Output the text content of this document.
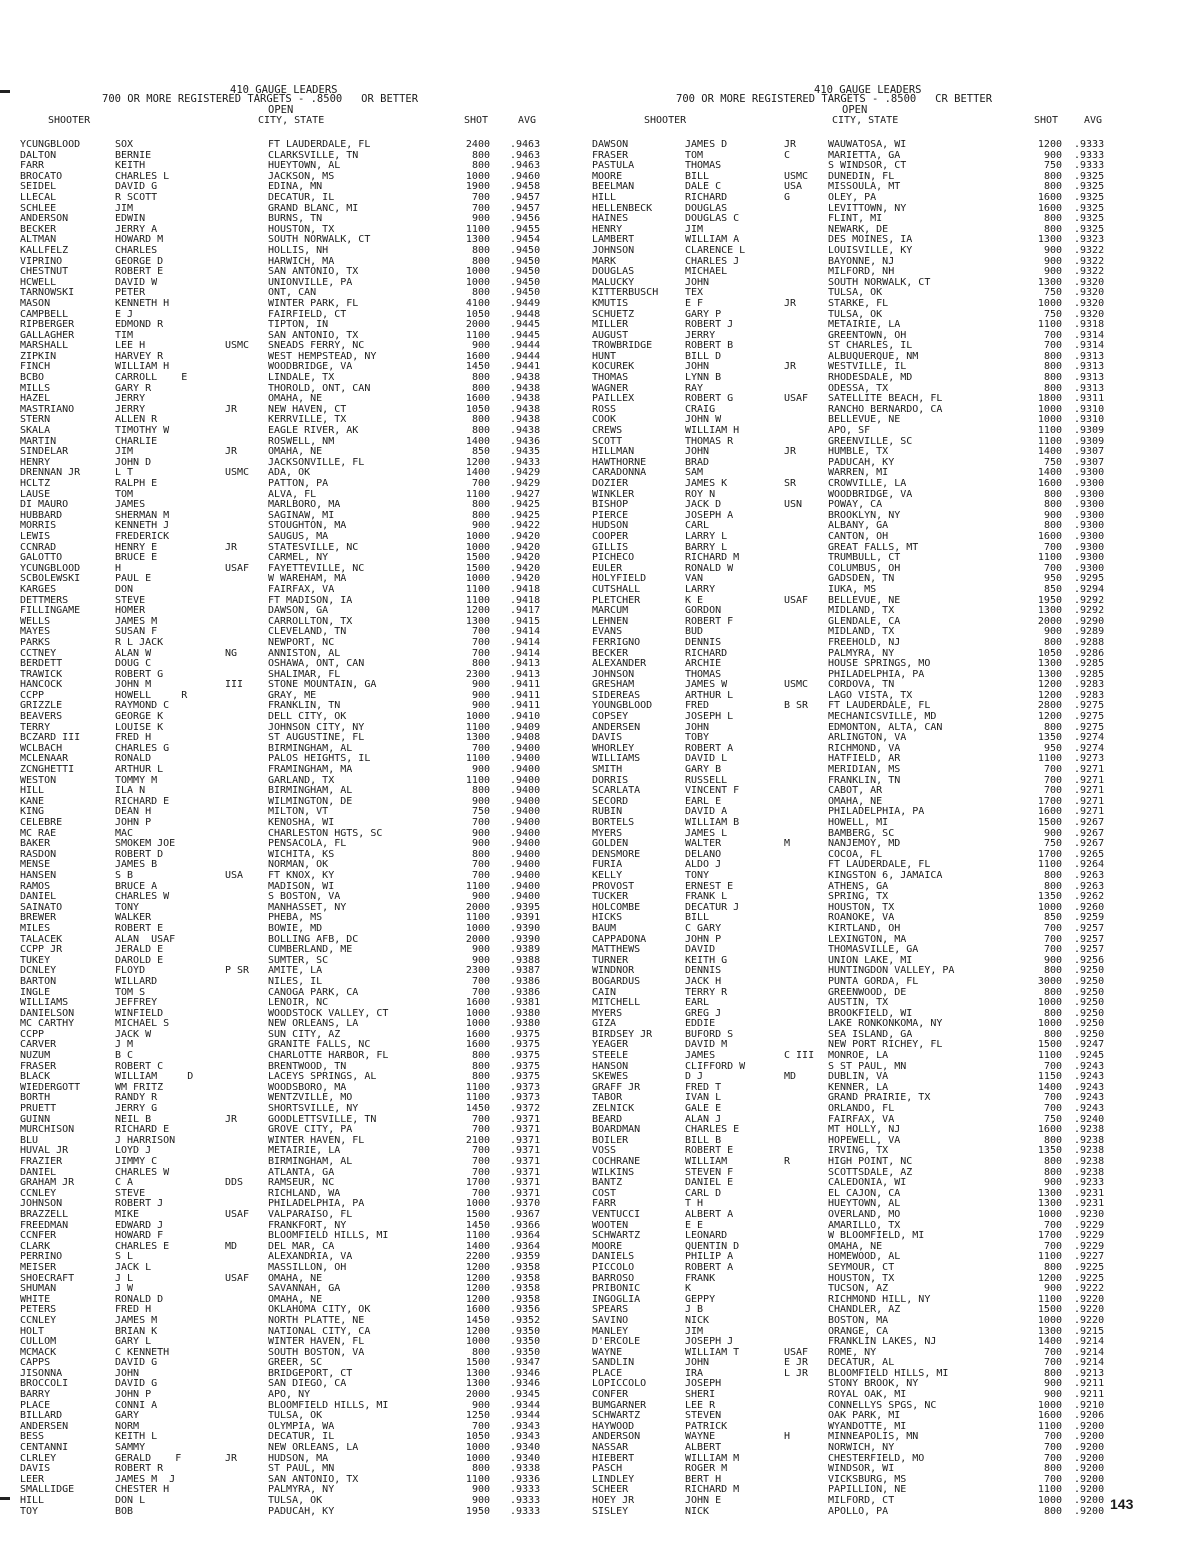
410 GAUGE LEADERS
700 OR MORE REGISTERED TARGETS - .8500   OR BETTER
OPEN
SHOOTER	CITY, STATE	SHOT	AVG
YCUNGBLOOD	SOX	FT LAUDERDALE, FL	2400 .9463
DALTON	BERNIE	CLARKSVILLE, TN	800 .9463
FARR	KEITH	HUEYTOWN, AL	800 .9463
BROCATO	CHARLES L	JACKSON, MS	1000 .9460
SEIDEL	DAVID G	EDINA, MN	1900 .9458
LLECAL	R SCOTT	DECATUR, IL	700 .9457
SCHLEE	JIM	GRAND BLANC, MI	700 .9457
ANDERSON	EDWIN	BURNS, TN	900 .9456
BECKER	JERRY A	HOUSTON, TX	1100 .9455
ALTMAN	HOWARD M	SOUTH NORWALK, CT	1300 .9454
KALLFELZ	CHARLES	HOLLIS, NH	800 .9450
VIPRINO	GEORGE D	HARWICH, MA	800 .9450
CHESTNUT	ROBERT E	SAN ANTONIO, TX	1000 .9450
HCWELL	DAVID W	UNIONVILLE, PA	1000 .9450
TARNOWSKI	PETER	ONT, CAN	800 .9450
MASON	KENNETH H	WINTER PARK, FL	4100 .9449
CAMPBELL	E J	FAIRFIELD, CT	1050 .9448
RIPBERGER	EDMOND R	TIPTON, IN	2000 .9445
GALLAGHER	TIM	SAN ANTONIO, TX	1100 .9445
MARSHALL	LEE H	USMC	SNEADS FERRY, NC	900 .9444
ZIPKIN	HARVEY R	WEST HEMPSTEAD, NY	1600 .9444
FINCH	WILLIAM H	WOODBRIDGE, VA	1450 .9441
BCBO	CARROLL    E	LINDALE, TX	800 .9438
MILLS	GARY R	THOROLD, ONT, CAN	800 .9438
HAZEL	JERRY	OMAHA, NE	1600 .9438
MASTRIANO	JERRY	JR	NEW HAVEN, CT	1050 .9438
STERN	ALLEN R	KERRVILLE, TX	800 .9438
SKALA	TIMOTHY W	EAGLE RIVER, AK	800 .9438
MARTIN	CHARLIE	ROSWELL, NM	1400 .9436
SINDELAR	JIM	JR	OMAHA, NE	850 .9435
HENRY	JOHN D	JACKSONVILLE, FL	1200 .9433
DRENNAN JR	L T	USMC	ADA, OK	1400 .9429
HCLTZ	RALPH E	PATTON, PA	700 .9429
LAUSE	TOM	ALVA, FL	1100 .9427
DI MAURO	JAMES	MARLBORO, MA	800 .9425
HUBBARD	SHERMAN M	SAGINAW, MI	800 .9425
MORRIS	KENNETH J	STOUGHTON, MA	900 .9422
LEWIS	FREDERICK	SAUGUS, MA	1000 .9420
CCNRAD	HENRY E	JR	STATESVILLE, NC	1000 .9420
GALOTTO	BRUCE E	CARMEL, NY	1500 .9420
YCUNGBLOOD	H	USAF	FAYETTEVILLE, NC	1500 .9420
SCBOLEWSKI	PAUL E	W WAREHAM, MA	1000 .9420
KARGES	DON	FAIRFAX, VA	1100 .9418
DETTMERS	STEVE	FT MADISON, IA	1100 .9418
FILLINGAME	HOMER	DAWSON, GA	1200 .9417
WELLS	JAMES M	CARROLLTON, TX	1300 .9415
MAYES	SUSAN F	CLEVELAND, TN	700 .9414
PARKS	R L JACK	NEWPORT, NC	700 .9414
CCTNEY	ALAN W	NG	ANNISTON, AL	700 .9414
BERDETT	DOUG C	OSHAWA, ONT, CAN	800 .9413
TRAWICK	ROBERT G	SHALIMAR, FL	2300 .9413
HANCOCK	JOHN M	III	STONE MOUNTAIN, GA	900 .9411
CCPP	HOWELL     R	GRAY, ME	900 .9411
GRIZZLE	RAYMOND C	FRANKLIN, TN	900 .9411
BEAVERS	GEORGE K	DELL CITY, OK	1000 .9410
TERRY	LOUISE K	JOHNSON CITY, NY	1100 .9409
BCZARD III	FRED H	ST AUGUSTINE, FL	1300 .9408
WCLBACH	CHARLES G	BIRMINGHAM, AL	700 .9400
MCLENAAR	RONALD	PALOS HEIGHTS, IL	1100 .9400
ZCNGHETTI	ARTHUR L	FRAMINGHAM, MA	900 .9400
WESTON	TOMMY M	GARLAND, TX	1100 .9400
HILL	ILA N	BIRMINGHAM, AL	800 .9400
KANE	RICHARD E	WILMINGTON, DE	900 .9400
KING	DEAN H	MILTON, VT	750 .9400
CELEBRE	JOHN P	KENOSHA, WI	700 .9400
MC RAE	MAC	CHARLESTON HGTS, SC	900 .9400
BAKER	SMOKEM JOE	PENSACOLA, FL	900 .9400
RASDON	ROBERT D	WICHITA, KS	800 .9400
MENSE	JAMES B	NORMAN, OK	700 .9400
HANSEN	S B	USA	FT KNOX, KY	700 .9400
RAMOS	BRUCE A	MADISON, WI	1100 .9400
DANIEL	CHARLES W	S BOSTON, VA	900 .9400
SAINATO	TONY	MANHASSET, NY	2000 .9395
BREWER	WALKER	PHEBA, MS	1100 .9391
MILES	ROBERT E	BOWIE, MD	1000 .9390
TALACEK	ALAN  USAF	BOLLING AFB, DC	2000 .9390
CCPP JR	JERALD E	CUMBERLAND, ME	900 .9389
TUKEY	DAROLD E	SUMTER, SC	900 .9388
DCNLEY	FLOYD	P SR	AMITE, LA	2300 .9387
BARTON	WILLARD	NILES, IL	700 .9386
INGLE	TOM S	CANOGA PARK, CA	700 .9386
WILLIAMS	JEFFREY	LENOIR, NC	1600 .9381
DANIELSON	WINFIELD	WOODSTOCK VALLEY, CT	1000 .9380
MC CARTHY	MICHAEL S	NEW ORLEANS, LA	1000 .9380
CCPP	JACK W	SUN CITY, AZ	1600 .9375
CARVER	J M	GRANITE FALLS, NC	1600 .9375
NUZUM	B C	CHARLOTTE HARBOR, FL	800 .9375
FRASER	ROBERT C	BRENTWOOD, TN	800 .9375
BLACK	WILLIAM     D	LACEYS SPRINGS, AL	800 .9375
WIEDERGOTT	WM FRITZ	WOODSBORO, MA	1100 .9373
BORTH	RANDY R	WENTZVILLE, MO	1100 .9373
PRUETT	JERRY G	SHORTSVILLE, NY	1450 .9372
GUINN	NEIL B	JR	GOODLETTSVILLE, TN	700 .9371
MURCHISON	RICHARD E	GROVE CITY, PA	700 .9371
BLU	J HARRISON	WINTER HAVEN, FL	2100 .9371
HUVAL JR	LOYD J	METAIRIE, LA	700 .9371
FRAZIER	JIMMY C	BIRMINGHAM, AL	700 .9371
DANIEL	CHARLES W	ATLANTA, GA	700 .9371
GRAHAM JR	C A	DDS	RAMSEUR, NC	1700 .9371
CCNLEY	STEVE	RICHLAND, WA	700 .9371
JOHNSON	ROBERT J	PHILADELPHIA, PA	1000 .9370
BRAZZELL	MIKE	USAF	VALPARAISO, FL	1500 .9367
FREEDMAN	EDWARD J	FRANKFORT, NY	1450 .9366
CCNFER	HOWARD F	BLOOMFIELD HILLS, MI	1100 .9364
CLARK	CHARLES E	MD	DEL MAR, CA	1400 .9364
PERRINO	S L	ALEXANDRIA, VA	2200 .9359
MEISER	JACK L	MASSILLON, OH	1200 .9358
SHOECRAFT	J L	USAF	OMAHA, NE	1200 .9358
SHUMAN	J W	SAVANNAH, GA	1200 .9358
WHITE	RONALD D	OMAHA, NE	1200 .9358
PETERS	FRED H	OKLAHOMA CITY, OK	1600 .9356
CCNLEY	JAMES M	NORTH PLATTE, NE	1450 .9352
HOLT	BRIAN K	NATIONAL CITY, CA	1200 .9350
CULLOM	GARY L	WINTER HAVEN, FL	1000 .9350
MCMACK	C KENNETH	SOUTH BOSTON, VA	800 .9350
CAPPS	DAVID G	GREER, SC	1500 .9347
JISONNA	JOHN	BRIDGEPORT, CT	1300 .9346
BROCCOLI	DAVID G	SAN DIEGO, CA	1300 .9346
BARRY	JOHN P	APO, NY	2000 .9345
PLACE	CONNI A	BLOOMFIELD HILLS, MI	900 .9344
BILLARD	GARY	TULSA, OK	1250 .9344
ANDERSEN	NORM	OLYMPIA, WA	700 .9343
BESS	KEITH L	DECATUR, IL	1050 .9343
CENTANNI	SAMMY	NEW ORLEANS, LA	1000 .9340
CLRLEY	GERALD    F	JR	HUDSON, MA	1000 .9340
DAVIS	ROBERT R	ST PAUL, MN	800 .9338
LEER	JAMES M  J	SAN ANTONIO, TX	1100 .9336
SMALLIDGE	CHESTER H	PALMYRA, NY	900 .9333
HILL	DON L	TULSA, OK	900 .9333
TOY	BOB	PADUCAH, KY	1950 .9333
410 GAUGE LEADERS
700 OR MORE REGISTERED TARGETS - .8500   CR BETTER
OPEN
SHOOTER	CITY, STATE	SHOT	AVG
DAWSON	JAMES D	JR	WAUWATOSA, WI	1200 .9333
FRASER	TOM	C	MARIETTA, GA	900 .9333
PASTULA	THOMAS	S WINDSOR, CT	750 .9333
MOORE	BILL	USMC	DUNEDIN, FL	800 .9325
BEELMAN	DALE C	USA	MISSOULA, MT	800 .9325
HILL	RICHARD	G	OLEY, PA	1600 .9325
HELLENBECK	DOUGLAS	LEVITTOWN, NY	1600 .9325
HAINES	DOUGLAS C	FLINT, MI	800 .9325
HENRY	JIM	NEWARK, DE	800 .9325
LAMBERT	WILLIAM A	DES MOINES, IA	1300 .9323
JOHNSON	CLARENCE L	LOUISVILLE, KY	900 .9322
MARK	CHARLES J	BAYONNE, NJ	900 .9322
DOUGLAS	MICHAEL	MILFORD, NH	900 .9322
MALUCKY	JOHN	SOUTH NORWALK, CT	1300 .9320
KITTERBUSCH	TEX	TULSA, OK	750 .9320
KMUTIS	E F	JR	STARKE, FL	1000 .9320
SCHUETZ	GARY P	TULSA, OK	750 .9320
MILLER	ROBERT J	METAIRIE, LA	1100 .9318
AUGUST	JERRY	GREENTOWN, OH	700 .9314
TROWBRIDGE	ROBERT B	ST CHARLES, IL	700 .9314
HUNT	BILL D	ALBUQUERQUE, NM	800 .9313
KOCUREK	JOHN	JR	WESTVILLE, IL	800 .9313
THOMAS	LYNN B	RHODESDALE, MD	800 .9313
WAGNER	RAY	ODESSA, TX	800 .9313
PAILLEX	ROBERT G	USAF	SATELLITE BEACH, FL	1800 .9311
ROSS	CRAIG	RANCHO BERNARDO, CA	1000 .9310
COOK	JOHN W	BELLEVUE, NE	1000 .9310
CREWS	WILLIAM H	APO, SF	1100 .9309
SCOTT	THOMAS R	GREENVILLE, SC	1100 .9309
HILLMAN	JOHN	JR	HUMBLE, TX	1400 .9307
HAWTHORNE	BRAD	PADUCAH, KY	750 .9307
CARADONNA	SAM	WARREN, MI	1400 .9300
DOZIER	JAMES K	SR	CROWVILLE, LA	1600 .9300
WINKLER	ROY N	WOODBRIDGE, VA	800 .9300
BISHOP	JACK D	USN	POWAY, CA	800 .9300
PIERCE	JOSEPH A	BROOKLYN, NY	900 .9300
HUDSON	CARL	ALBANY, GA	800 .9300
COOPER	LARRY L	CANTON, OH	1600 .9300
GILLIS	BARRY L	GREAT FALLS, MT	700 .9300
PICHECO	RICHARD M	TRUMBULL, CT	1100 .9300
EULER	RONALD W	COLUMBUS, OH	700 .9300
HOLYFIELD	VAN	GADSDEN, TN	950 .9295
CUTSHALL	LARRY	IUKA, MS	850 .9294
PLETCHER	K E	USAF	BELLEVUE, NE	1950 .9292
MARCUM	GORDON	MIDLAND, TX	1300 .9292
LEHNEN	ROBERT F	GLENDALE, CA	2000 .9290
EVANS	BUD	MIDLAND, TX	900 .9289
FERRIGNO	DENNIS	FREEHOLD, NJ	800 .9288
BECKER	RICHARD	PALMYRA, NY	1050 .9286
ALEXANDER	ARCHIE	HOUSE SPRINGS, MO	1300 .9285
JOHNSON	THOMAS	PHILADELPHIA, PA	1300 .9285
GRESHAM	JAMES W	USMC	CORDOVA, TN	1200 .9283
SIDEREAS	ARTHUR L	LAGO VISTA, TX	1200 .9283
YOUNGBLOOD	FRED	B SR	FT LAUDERDALE, FL	2800 .9275
COPSEY	JOSEPH L	MECHANICSVILLE, MD	1200 .9275
ANDERSEN	JOHN	EDMONTON, ALTA, CAN	800 .9275
DAVIS	TOBY	ARLINGTON, VA	1350 .9274
WHORLEY	ROBERT A	RICHMOND, VA	950 .9274
WILLIAMS	DAVID L	HATFIELD, AR	1100 .9273
SMITH	GARY B	MERIDIAN, MS	700 .9271
DORRIS	RUSSELL	FRANKLIN, TN	700 .9271
SCARLATA	VINCENT F	CABOT, AR	700 .9271
SECORD	EARL E	OMAHA, NE	1700 .9271
RUBIN	DAVID A	PHILADELPHIA, PA	1600 .9271
BORTELS	WILLIAM B	HOWELL, MI	1500 .9267
MYERS	JAMES L	BAMBERG, SC	900 .9267
GOLDEN	WALTER	M	NANJEMOY, MD	750 .9267
DENSMORE	DELANO	COCOA, FL	1700 .9265
FURIA	ALDO J	FT LAUDERDALE, FL	1100 .9264
KELLY	TONY	KINGSTON 6, JAMAICA	800 .9263
PROVOST	ERNEST E	ATHENS, GA	800 .9263
TUCKER	FRANK L	SPRING, TX	1350 .9262
HOLCOMBE	DECATUR J	HOUSTON, TX	1000 .9260
HICKS	BILL	ROANOKE, VA	850 .9259
BAUM	C GARY	KIRTLAND, OH	700 .9257
CAPPADONA	JOHN P	LEXINGTON, MA	700 .9257
MATTHEWS	DAVID	THOMASVILLE, GA	700 .9257
TURNER	KEITH G	UNION LAKE, MI	900 .9256
WINDNOR	DENNIS	HUNTINGDON VALLEY, PA	800 .9250
BOGARDUS	JACK H	PUNTA GORDA, FL	3000 .9250
CAIN	TERRY R	GREENWOOD, DE	800 .9250
MITCHELL	EARL	AUSTIN, TX	1000 .9250
MYERS	GREG J	BROOKFIELD, WI	800 .9250
GIZA	EDDIE	LAKE RONKONKOMA, NY	1000 .9250
BIRDSEY JR	BUFORD S	SEA ISLAND, GA	800 .9250
YEAGER	DAVID M	NEW PORT RICHEY, FL	1500 .9247
STEELE	JAMES	C III	MONROE, LA	1100 .9245
HANSON	CLIFFORD W	S ST PAUL, MN	700 .9243
SKEWES	D J	MD	DUBLIN, VA	1150 .9243
GRAFF JR	FRED T	KENNER, LA	1400 .9243
TABOR	IVAN L	GRAND PRAIRIE, TX	700 .9243
ZELNICK	GALE E	ORLANDO, FL	700 .9243
BEARD	ALAN J	FAIRFAX, VA	750 .9240
BOARDMAN	CHARLES E	MT HOLLY, NJ	1600 .9238
BOILER	BILL B	HOPEWELL, VA	800 .9238
VOSS	ROBERT E	IRVING, TX	1350 .9238
COCHRANE	WILLIAM	R	HIGH POINT, NC	800 .9238
WILKINS	STEVEN F	SCOTTSDALE, AZ	800 .9238
BANTZ	DANIEL E	CALEDONIA, WI	900 .9233
COST	CARL D	EL CAJON, CA	1300 .9231
FARR	T H	HUEYTOWN, AL	1300 .9231
VENTUCCI	ALBERT A	OVERLAND, MO	1000 .9230
WOOTEN	E E	AMARILLO, TX	700 .9229
SCHWARTZ	LEONARD	W BLOOMFIELD, MI	1700 .9229
MOORE	QUENTIN D	OMAHA, NE	700 .9229
DANIELS	PHILIP A	HOMEWOOD, AL	1100 .9227
PICCOLO	ROBERT A	SEYMOUR, CT	800 .9225
BARROSO	FRANK	HOUSTON, TX	1200 .9225
PRIBONIC	K	TUCSON, AZ	900 .9222
INGOGLIA	GEPPY	RICHMOND HILL, NY	1100 .9220
SPEARS	J B	CHANDLER, AZ	1500 .9220
SAVINO	NICK	BOSTON, MA	1000 .9220
MANLEY	JIM	ORANGE, CA	1300 .9215
D'ERCOLE	JOSEPH J	FRANKLIN LAKES, NJ	1400 .9214
WAYNE	WILLIAM T	USAF	ROME, NY	700 .9214
SANDLIN	JOHN	E JR	DECATUR, AL	700 .9214
PLACE	IRA	L JR	BLOOMFIELD HILLS, MI	800 .9213
LOPICCOLO	JOSEPH	STONY BROOK, NY	900 .9211
CONFER	SHERI	ROYAL OAK, MI	900 .9211
BUMGARNER	LEE R	CONNELLYS SPGS, NC	1000 .9210
SCHWARTZ	STEVEN	OAK PARK, MI	1600 .9206
HAYWOOD	PATRICK	WYANDOTTE, MI	1100 .9200
ANDERSON	WAYNE	H	MINNEAPOLIS, MN	700 .9200
NASSAR	ALBERT	NORWICH, NY	700 .9200
HIEBERT	WILLIAM M	CHESTERFIELD, MO	700 .9200
PASCH	ROGER M	WINDSOR, WI	800 .9200
LINDLEY	BERT H	VICKSBURG, MS	700 .9200
SCHEER	RICHARD M	PAPILLION, NE	1100 .9200
HOEY JR	JOHN E	MILFORD, CT	1000 .9200
SISLEY	NICK	APOLLO, PA	800 .9200 143
